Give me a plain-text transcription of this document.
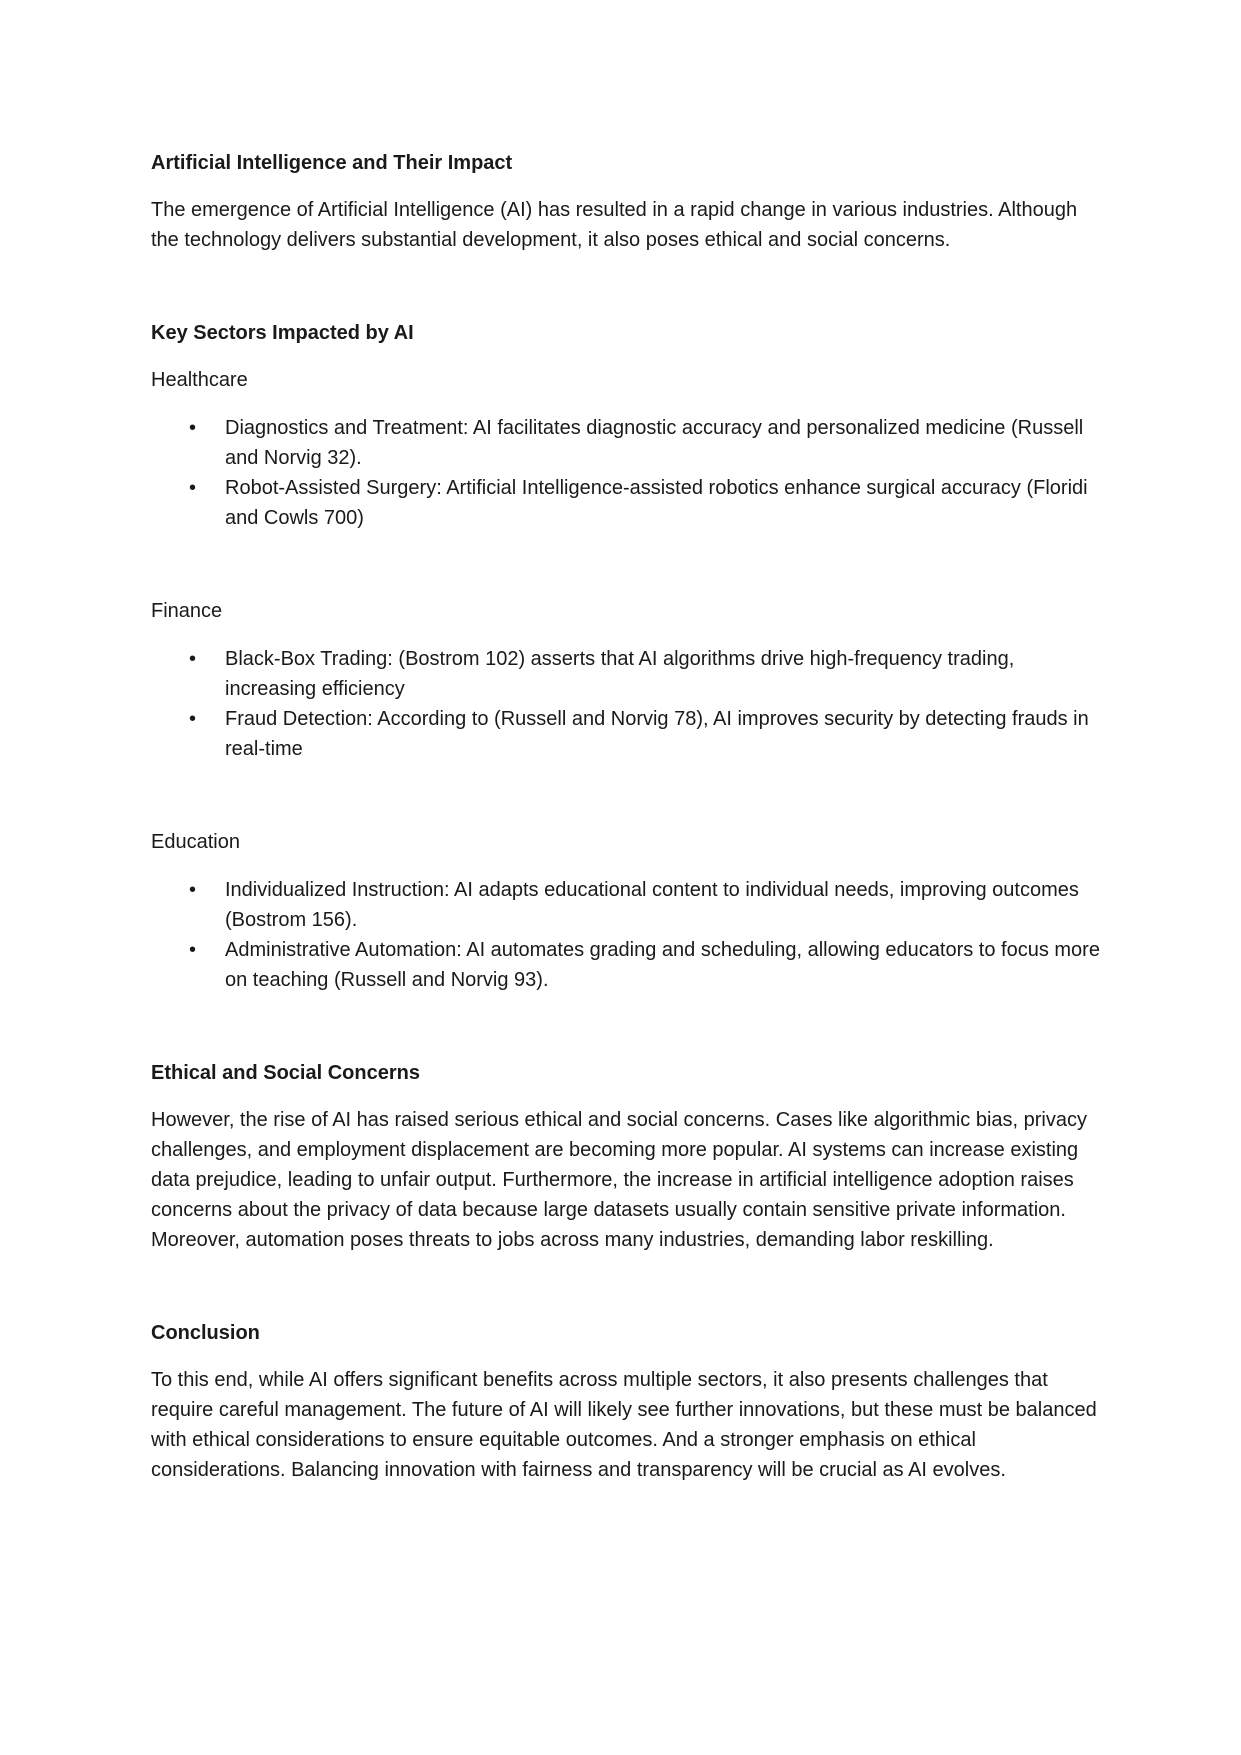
Artificial Intelligence and Their Impact

The emergence of Artificial Intelligence (AI) has resulted in a rapid change in various industries. Although the technology delivers substantial development, it also poses ethical and social concerns.

Key Sectors Impacted by AI

Healthcare

• Diagnostics and Treatment: AI facilitates diagnostic accuracy and personalized medicine (Russell and Norvig 32).
• Robot-Assisted Surgery: Artificial Intelligence-assisted robotics enhance surgical accuracy (Floridi and Cowls 700)

Finance

• Black-Box Trading: (Bostrom 102) asserts that AI algorithms drive high-frequency trading, increasing efficiency
• Fraud Detection: According to (Russell and Norvig 78), AI improves security by detecting frauds in real-time

Education

• Individualized Instruction: AI adapts educational content to individual needs, improving outcomes (Bostrom 156).
• Administrative Automation: AI automates grading and scheduling, allowing educators to focus more on teaching (Russell and Norvig 93).

Ethical and Social Concerns

However, the rise of AI has raised serious ethical and social concerns. Cases like algorithmic bias, privacy challenges, and employment displacement are becoming more popular. AI systems can increase existing data prejudice, leading to unfair output. Furthermore, the increase in artificial intelligence adoption raises concerns about the privacy of data because large datasets usually contain sensitive private information. Moreover, automation poses threats to jobs across many industries, demanding labor reskilling.

Conclusion

To this end, while AI offers significant benefits across multiple sectors, it also presents challenges that require careful management. The future of AI will likely see further innovations, but these must be balanced with ethical considerations to ensure equitable outcomes. And a stronger emphasis on ethical considerations. Balancing innovation with fairness and transparency will be crucial as AI evolves.
